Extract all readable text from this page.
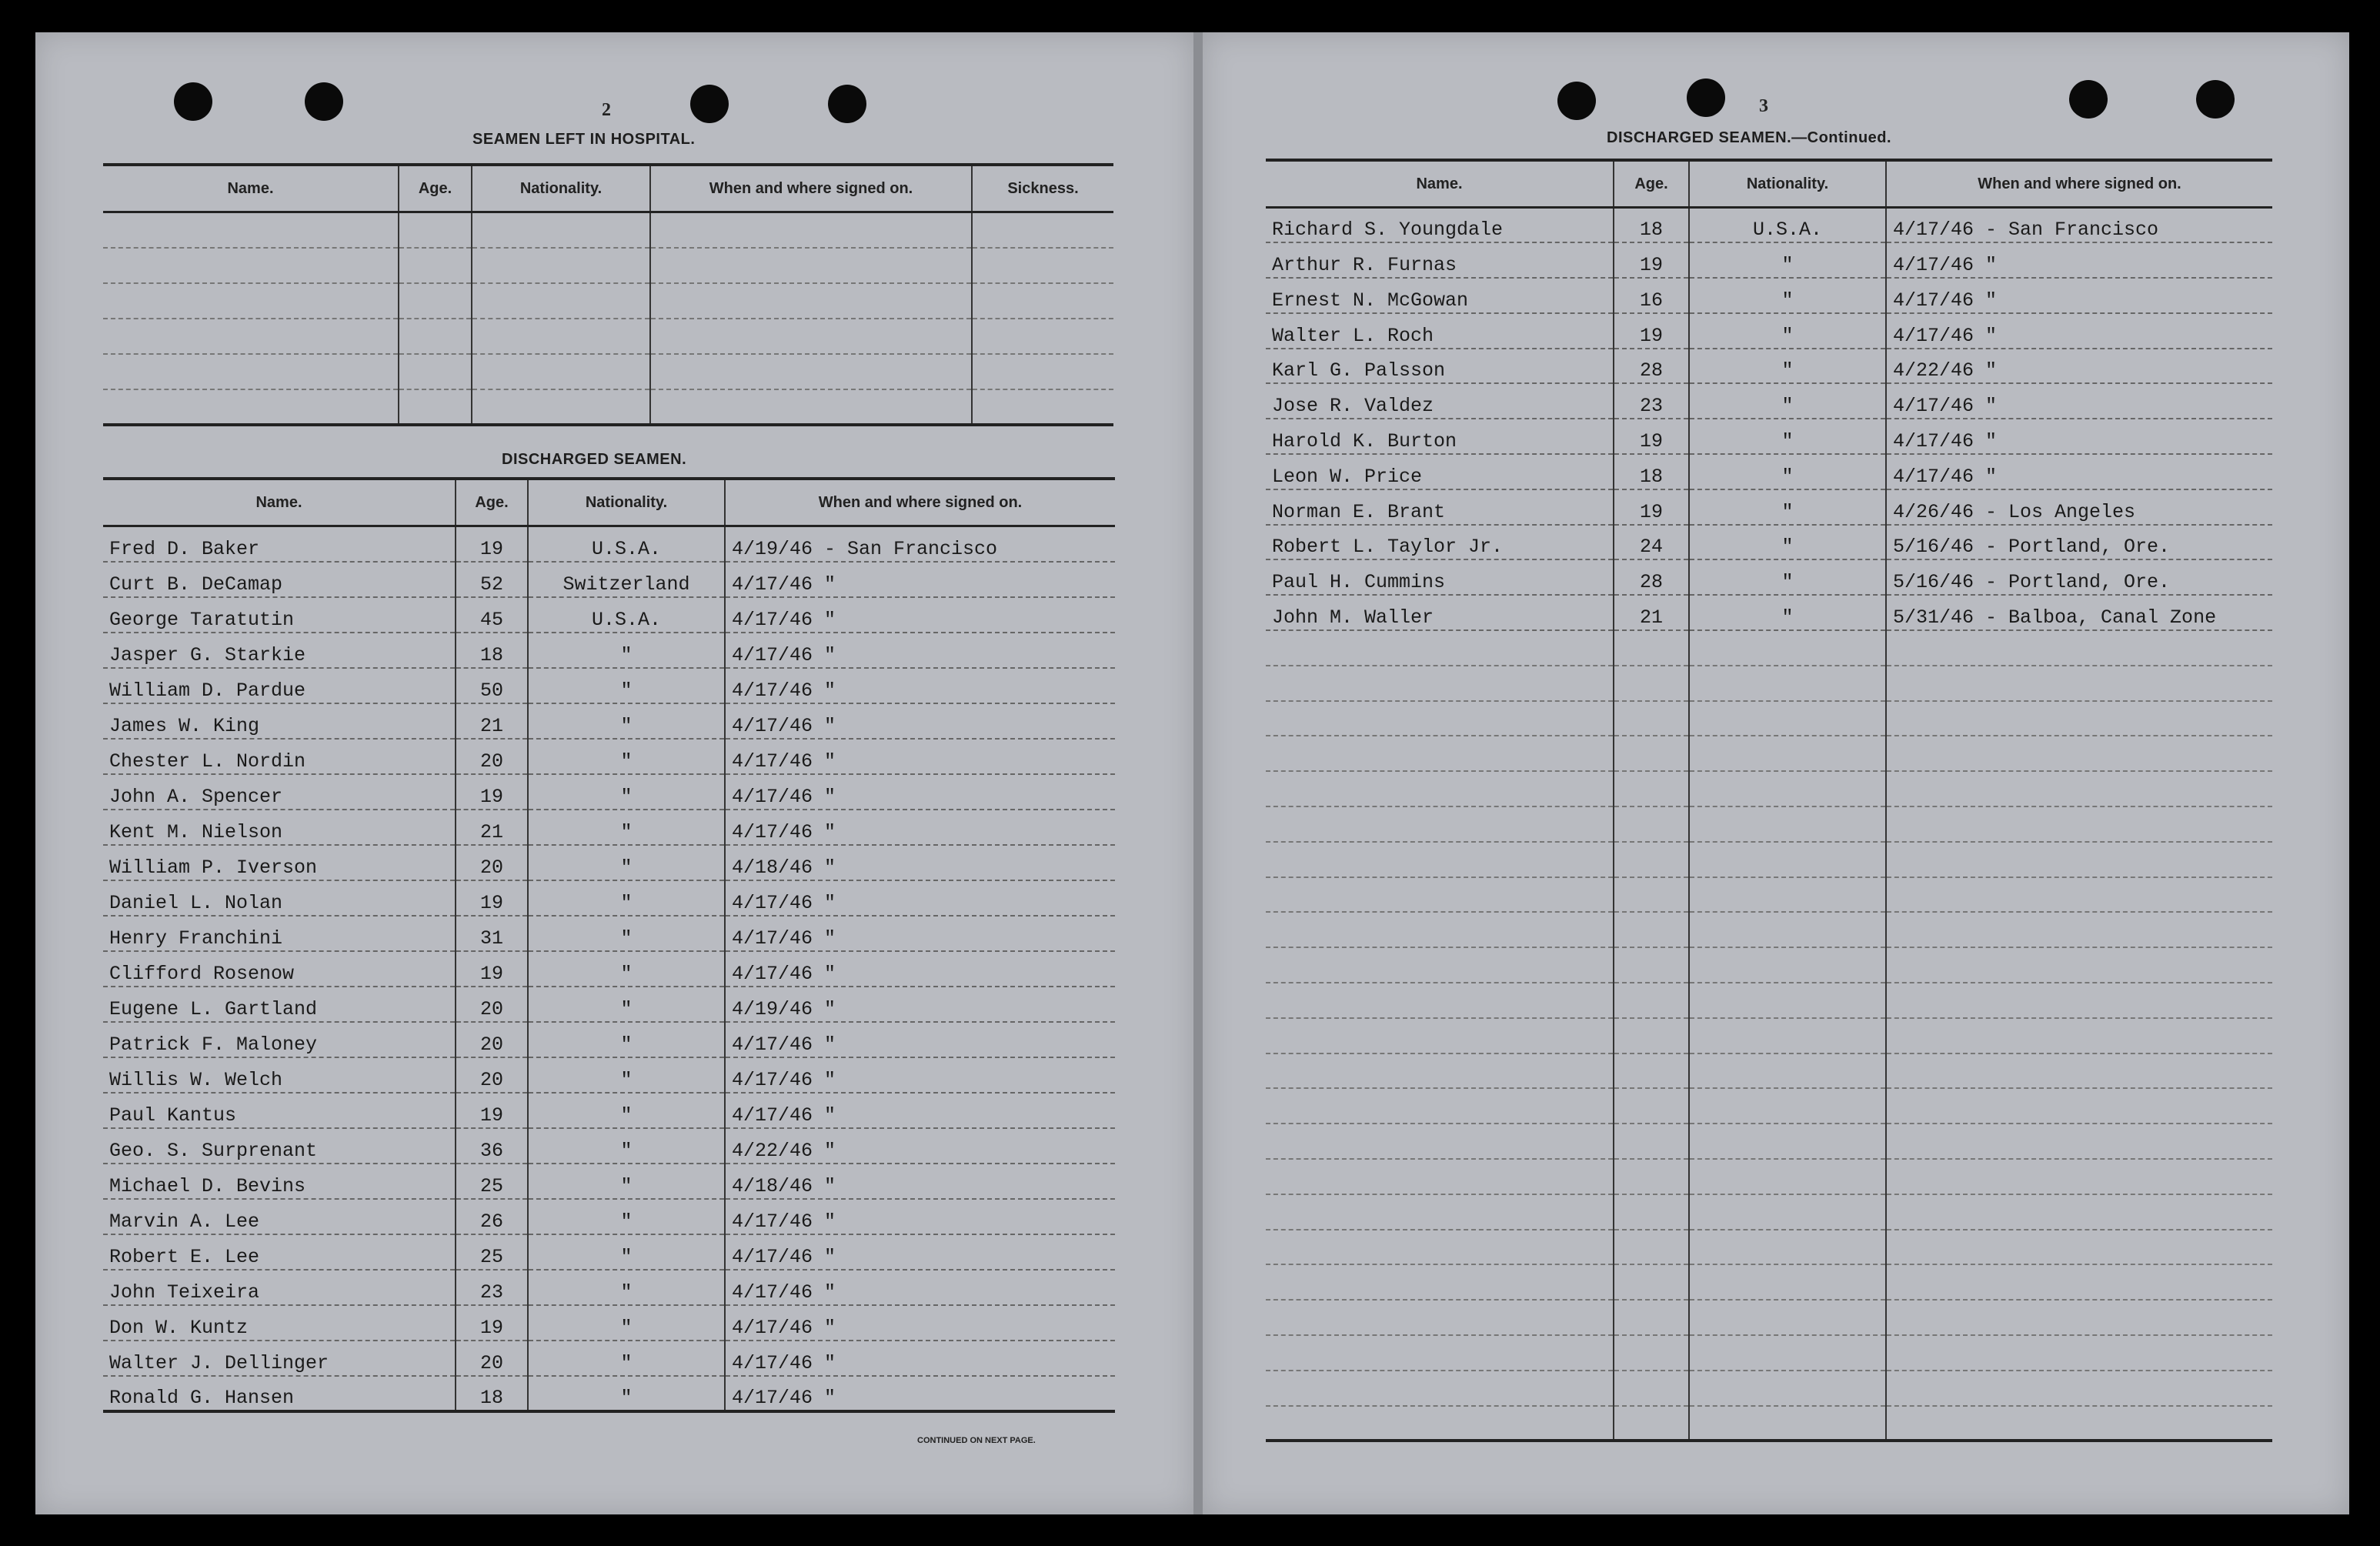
2
SEAMEN LEFT IN HOSPITAL.
Name.	Age.	Nationality.	When and where signed on.	Sickness.

DISCHARGED SEAMEN.
Name.	Age.	Nationality.	When and where signed on.
Fred D. Baker	19	U.S.A.	4/19/46 - San Francisco
Curt B. DeCamap	52	Switzerland	4/17/46 "
George Taratutin	45	U.S.A.	4/17/46 "
Jasper G. Starkie	18	"	4/17/46 "
William D. Pardue	50	"	4/17/46 "
James W. King	21	"	4/17/46 "
Chester L. Nordin	20	"	4/17/46 "
John A. Spencer	19	"	4/17/46 "
Kent M. Nielson	21	"	4/17/46 "
William P. Iverson	20	"	4/18/46 "
Daniel L. Nolan	19	"	4/17/46 "
Henry Franchini	31	"	4/17/46 "
Clifford Rosenow	19	"	4/17/46 "
Eugene L. Gartland	20	"	4/19/46 "
Patrick F. Maloney	20	"	4/17/46 "
Willis W. Welch	20	"	4/17/46 "
Paul Kantus	19	"	4/17/46 "
Geo. S. Surprenant	36	"	4/22/46 "
Michael D. Bevins	25	"	4/18/46 "
Marvin A. Lee	26	"	4/17/46 "
Robert E. Lee	25	"	4/17/46 "
John Teixeira	23	"	4/17/46 "
Don W. Kuntz	19	"	4/17/46 "
Walter J. Dellinger	20	"	4/17/46 "
Ronald G. Hansen	18	"	4/17/46 "
CONTINUED ON NEXT PAGE.
3
DISCHARGED SEAMEN.—Continued.
Name.	Age.	Nationality.	When and where signed on.
Richard S. Youngdale	18	U.S.A.	4/17/46 - San Francisco
Arthur R. Furnas	19	"	4/17/46 "
Ernest N. McGowan	16	"	4/17/46 "
Walter L. Roch	19	"	4/17/46 "
Karl G. Palsson	28	"	4/22/46 "
Jose R. Valdez	23	"	4/17/46 "
Harold K. Burton	19	"	4/17/46 "
Leon W. Price	18	"	4/17/46 "
Norman E. Brant	19	"	4/26/46 - Los Angeles
Robert L. Taylor Jr.	24	"	5/16/46 - Portland, Ore.
Paul H. Cummins	28	"	5/16/46 - Portland, Ore.
John M. Waller	21	"	5/31/46 - Balboa, Canal Zone
